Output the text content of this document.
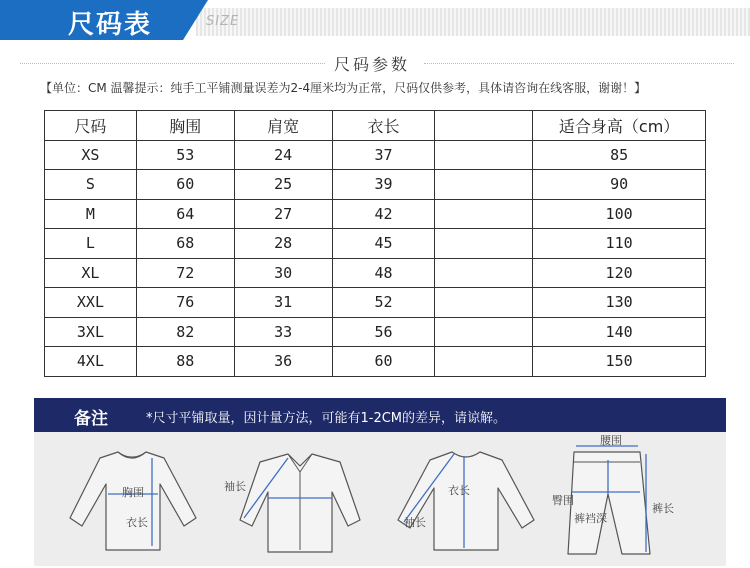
尺码表	SIZE
尺码参数
【单位：CM 温馨提示：纯手工平铺测量误差为2-4厘米均为正常，尺码仅供参考，具体请咨询在线客服，谢谢！】
尺码	胸围	肩宽	衣长		适合身高（cm）
XS	53	24	37		85
S	60	25	39		90
M	64	27	42		100
L	68	28	45		110
XL	72	30	48		120
XXL	76	31	52		130
3XL	82	33	56		140
4XL	88	36	60		150
备注	*尺寸平铺取量，因计量方法，可能有1-2CM的差异，请谅解。
胸围
衣长
袖长	衣长
袖长
腰围
臀围
裤裆深
裤长
